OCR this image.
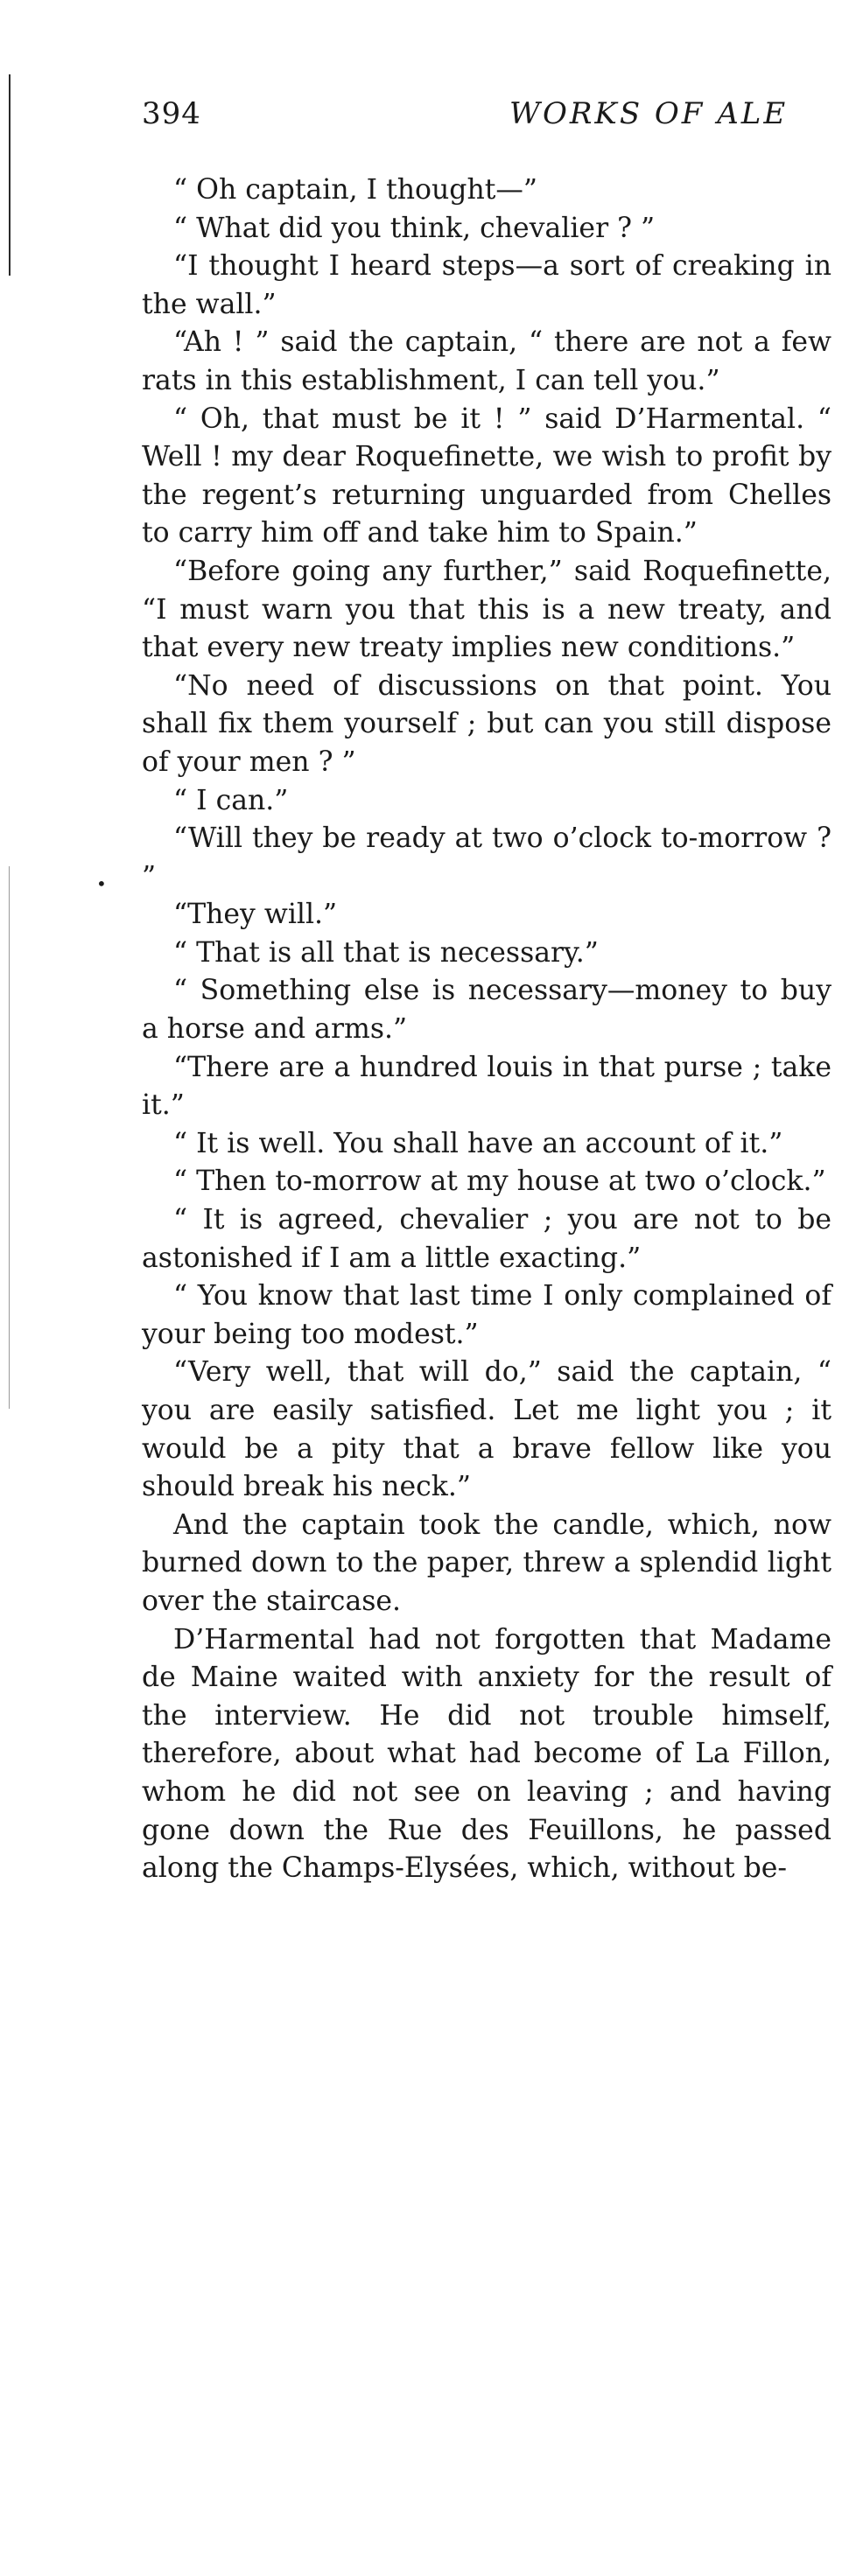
394	WORKS OF ALE
•

“ Oh captain, I thought—”

“ What did you think, chevalier ? ”

“I thought I heard steps—a sort of creaking in the wall.”

“Ah ! ” said the captain, “ there are not a few rats in this establishment, I can tell you.”

“ Oh, that must be it ! ” said D’Harmental. “ Well ! my dear Roquefinette, we wish to profit by the regent’s returning unguarded from Chelles to carry him off and take him to Spain.”

“Before going any further,” said Roquefinette, “I must warn you that this is a new treaty, and that every new treaty implies new conditions.”

“No need of discussions on that point. You shall fix them yourself ; but can you still dispose of your men ? ”

“ I can.”

“Will they be ready at two o’clock to-morrow ? ”

“They will.”

“ That is all that is necessary.”

“ Something else is necessary—money to buy a horse and arms.”

“There are a hundred louis in that purse ; take it.”

“ It is well. You shall have an account of it.”

“ Then to-morrow at my house at two o’clock.”

“ It is agreed, chevalier ; you are not to be astonished if I am a little exacting.”

“ You know that last time I only complained of your being too modest.”

“Very well, that will do,” said the captain, “ you are easily satisfied. Let me light you ; it would be a pity that a brave fellow like you should break his neck.”

And the captain took the candle, which, now burned down to the paper, threw a splendid light over the staircase.

D’Harmental had not forgotten that Madame de Maine waited with anxiety for the result of the interview. He did not trouble himself, therefore, about what had become of La Fillon, whom he did not see on leaving ; and having gone down the Rue des Feuillons, he passed along the Champs-Elysées, which, without be-
